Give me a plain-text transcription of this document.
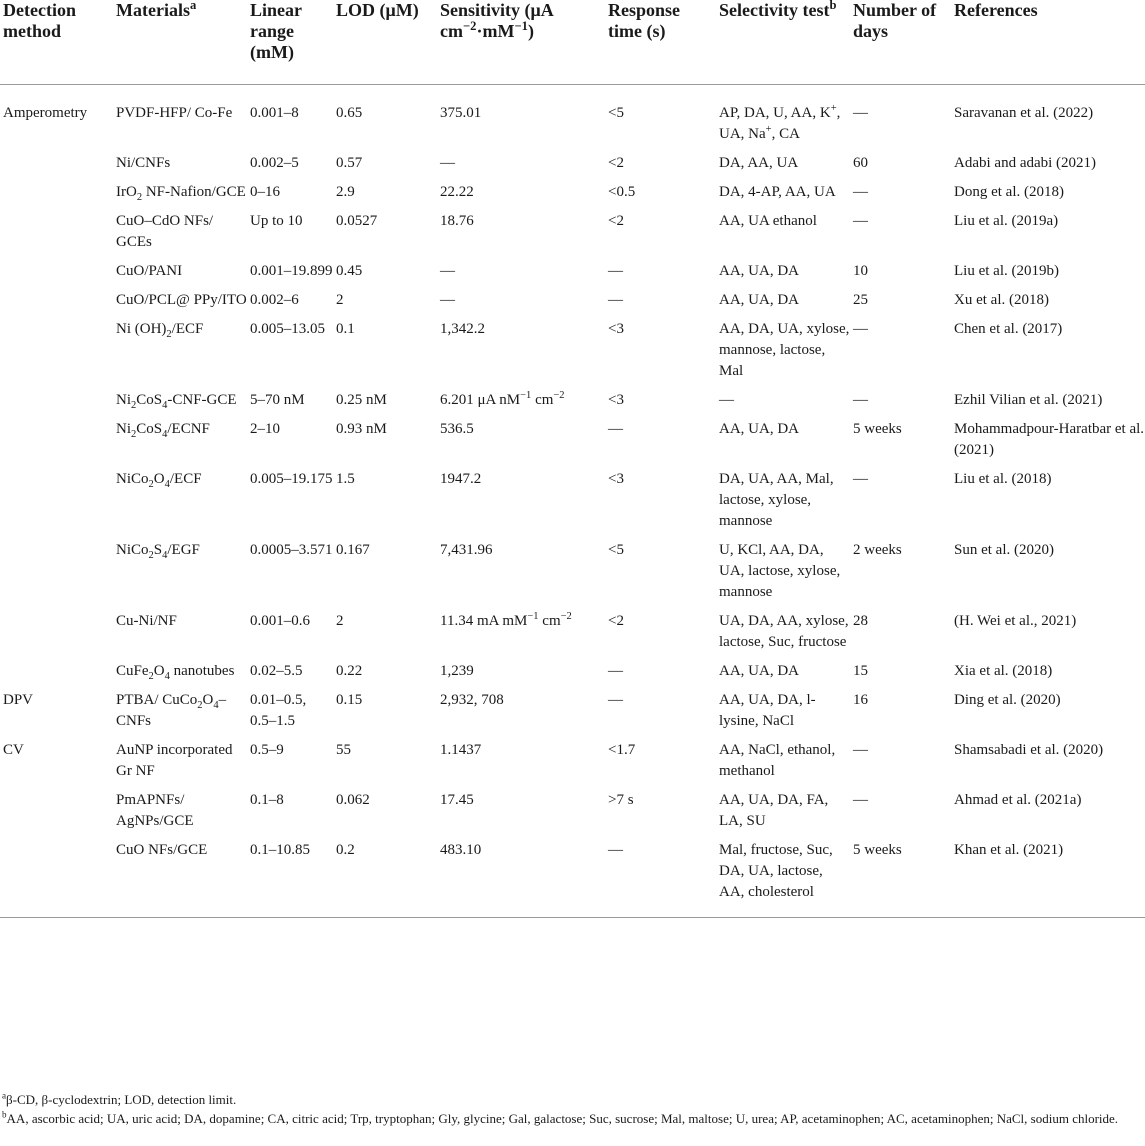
Detection method	Materials$^a$	Linear range (mM)	LOD (μM)	Sensitivity (μA $cm^{-2}\cdot mM^{-1}$)	Response time (s)	Selectivity test$^b$	Number of days	References
Amperometry	PVDF-HFP/ Co-Fe	0.001–8	0.65	375.01	<5	AP, DA, U, AA, K+, UA, Na+, CA	—	Saravanan et al. (2022)
	Ni/CNFs	0.002–5	0.57	—	<2	DA, AA, UA	60	Adabi and adabi (2021)
	IrO$_2$ NF-Nafion/GCE	0–16	2.9	22.22	<0.5	DA, 4-AP, AA, UA	—	Dong et al. (2018)
	CuO–CdO NFs/ GCEs	Up to 10	0.0527	18.76	<2	AA, UA ethanol	—	Liu et al. (2019a)
	CuO/PANI	0.001–19.899	0.45	—	—	AA, UA, DA	10	Liu et al. (2019b)
	CuO/PCL@ PPy/ITO	0.002–6	2	—	—	AA, UA, DA	25	Xu et al. (2018)
	Ni $(OH)_2$/ECF	0.005–13.05	0.1	1,342.2	<3	AA, DA, UA, xylose, mannose, lactose, Mal	—	Chen et al. (2017)
	$Ni_2CoS_4-CNF$-GCE	5–70 nM	0.25 nM	6.201 μA $nM^{-1}$ $cm^{-2}$	<3	—	—	Ezhil Vilian et al. (2021)
	$Ni_2CoS_4$/ECNF	2–10	0.93 nM	536.5	—	AA, UA, DA	5 weeks	Mohammadpour-Haratbar et al. (2021)
	$NiCo_2O_4$/ECF	0.005–19.175	1.5	1947.2	<3	DA, UA, AA, Mal, lactose, xylose, mannose	—	Liu et al. (2018)
	$NiCo_2S_4$/EGF	0.0005–3.571	0.167	7,431.96	<5	U, KCl, AA, DA, UA, lactose, xylose, mannose	2 weeks	Sun et al. (2020)
	Cu-Ni/NF	0.001–0.6	2	11.34 mA $mM^{-1}$ $cm^{-2}$	<2	UA, DA, AA, xylose, lactose, Suc, fructose	28	(H. Wei et al., 2021)
	$CuFe_2O_4$ nanotubes	0.02–5.5	0.22	1,239	—	AA, UA, DA	15	Xia et al. (2018)
DPV	PTBA/ $CuCo_2O_4$–CNFs	0.01–0.5, 0.5–1.5	0.15	2,932, 708	—	AA, UA, DA, l-lysine, NaCl	16	Ding et al. (2020)
CV	AuNP incorporated Gr NF	0.5–9	55	1.1437	<1.7	AA, NaCl, ethanol, methanol	—	Shamsabadi et al. (2020)
	PmAPNFs/ AgNPs/GCE	0.1–8	0.062	17.45	>7 s	AA, UA, DA, FA, LA, SU	—	Ahmad et al. (2021a)
	CuO NFs/GCE	0.1–10.85	0.2	483.10	—	Mal, fructose, Suc, DA, UA, lactose, AA, cholesterol	5 weeks	Khan et al. (2021)
$^a$β-CD, β-cyclodextrin; LOD, detection limit.
$^b$AA, ascorbic acid; UA, uric acid; DA, dopamine; CA, citric acid; Trp, tryptophan; Gly, glycine; Gal, galactose; Suc, sucrose; Mal, maltose; U, urea; AP, acetaminophen; AC, acetaminophen; NaCl, sodium chloride.
